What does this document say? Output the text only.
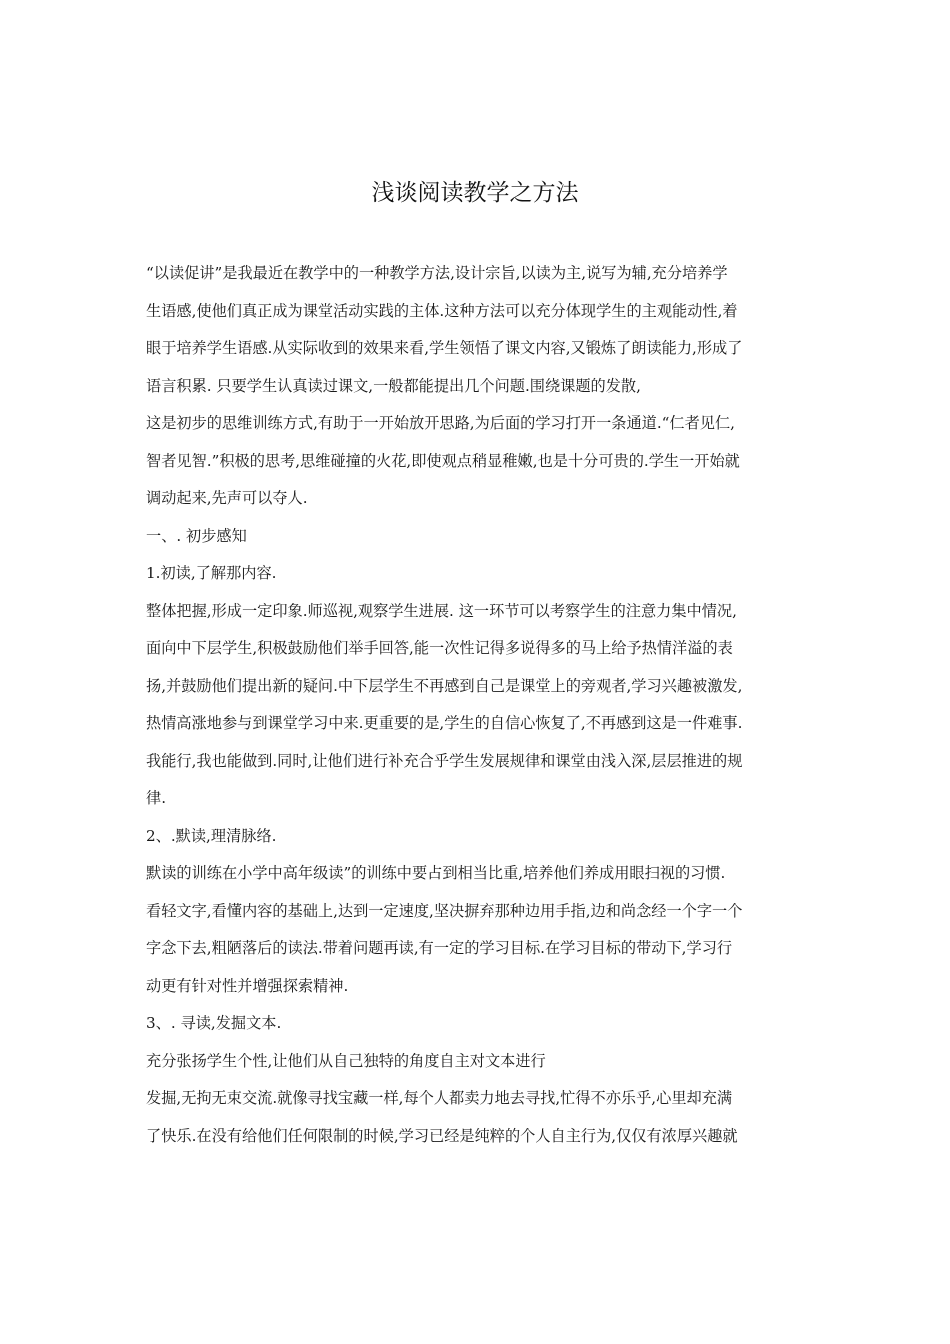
浅谈阅读教学之方法
“以读促讲”是我最近在教学中的一种教学方法,设计宗旨,以读为主,说写为辅,充分培养学
生语感,使他们真正成为课堂活动实践的主体.这种方法可以充分体现学生的主观能动性,着
眼于培养学生语感.从实际收到的效果来看,学生领悟了课文内容,又锻炼了朗读能力,形成了
语言积累. 只要学生认真读过课文,一般都能提出几个问题.围绕课题的发散,
这是初步的思维训练方式,有助于一开始放开思路,为后面的学习打开一条通道.“仁者见仁,
智者见智.”积极的思考,思维碰撞的火花,即使观点稍显稚嫩,也是十分可贵的.学生一开始就
调动起来,先声可以夺人.
一、. 初步感知
1.初读,了解那内容.
整体把握,形成一定印象.师巡视,观察学生进展. 这一环节可以考察学生的注意力集中情况,
面向中下层学生,积极鼓励他们举手回答,能一次性记得多说得多的马上给予热情洋溢的表
扬,并鼓励他们提出新的疑问.中下层学生不再感到自己是课堂上的旁观者,学习兴趣被激发,
热情高涨地参与到课堂学习中来.更重要的是,学生的自信心恢复了,不再感到这是一件难事.
我能行,我也能做到.同时,让他们进行补充合乎学生发展规律和课堂由浅入深,层层推进的规
律.
2、.默读,理清脉络.
默读的训练在小学中高年级读”的训练中要占到相当比重,培养他们养成用眼扫视的习惯.
看轻文字,看懂内容的基础上,达到一定速度,坚决摒弃那种边用手指,边和尚念经一个字一个
字念下去,粗陋落后的读法.带着问题再读,有一定的学习目标.在学习目标的带动下,学习行
动更有针对性并增强探索精神.
3、. 寻读,发掘文本.
充分张扬学生个性,让他们从自己独特的角度自主对文本进行
发掘,无拘无束交流.就像寻找宝藏一样,每个人都卖力地去寻找,忙得不亦乐乎,心里却充满
了快乐.在没有给他们任何限制的时候,学习已经是纯粹的个人自主行为,仅仅有浓厚兴趣就
